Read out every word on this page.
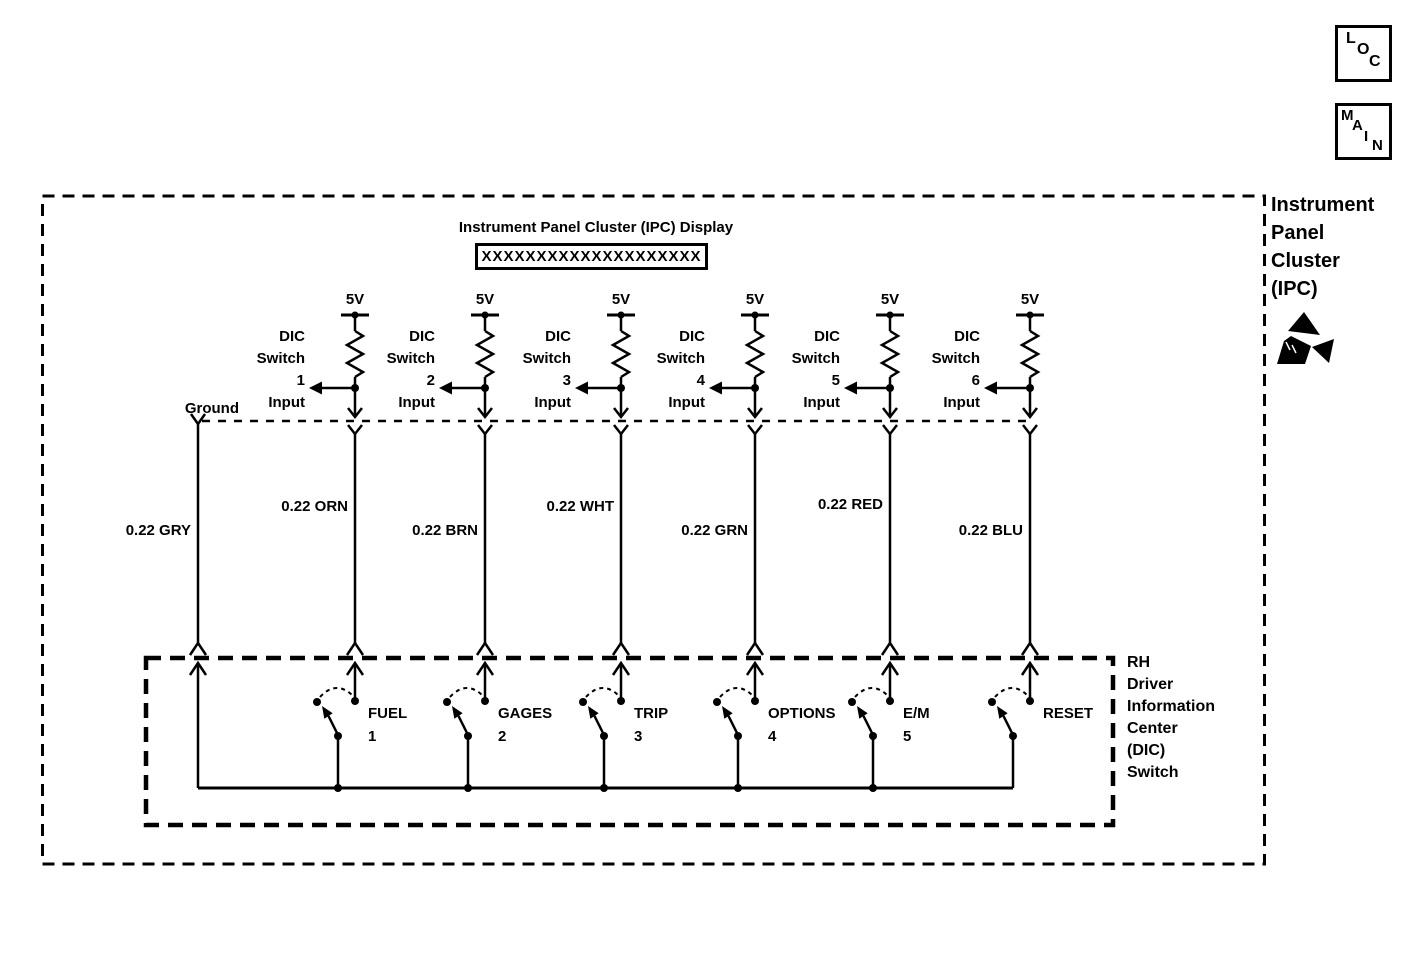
L
O
C
M
A
I
N
Instrument Panel Cluster (IPC) Display
XXXXXXXXXXXXXXXXXXXX
5V	5V	5V	5V	5V	5V
DIC
Switch
1
Input
DIC
Switch
2
Input
DIC
Switch
3
Input
DIC
Switch
4
Input
DIC
Switch
5
Input
DIC
Switch
6
Input
Ground
0.22 GRY
0.22 ORN
0.22 BRN
0.22 WHT
0.22 GRN
0.22 RED
0.22 BLU
FUEL
1
GAGES
2
TRIP
3
OPTIONS
4
E/M
5
RESET
RH
Driver
Information
Center
(DIC)
Switch
Instrument
Panel
Cluster
(IPC)
